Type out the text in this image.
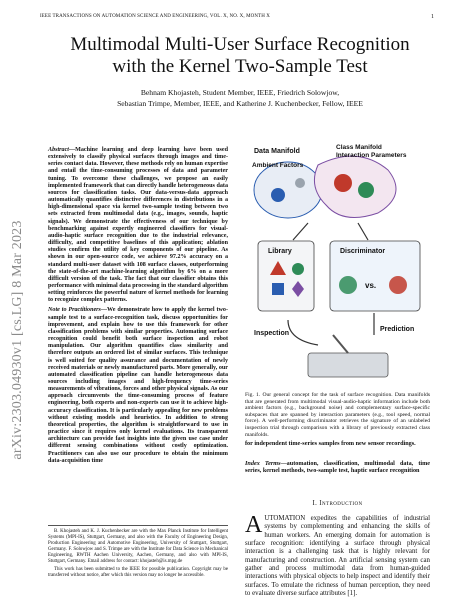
IEEE TRANSACTIONS ON AUTOMATION SCIENCE AND ENGINEERING, VOL. X, NO. X, MONTH X	1
Multimodal Multi-User Surface Recognition
with the Kernel Two-Sample Test
Behnam Khojasteh, Student Member, IEEE, Friedrich Solowjow,
Sebastian Trimpe, Member, IEEE, and Katherine J. Kuchenbecker, Fellow, IEEE
arXiv:2303.04930v1 [cs.LG] 8 Mar 2023

Abstract—Machine learning and deep learning have been used extensively to classify physical surfaces through images and time-series contact data. However, these methods rely on human expertise and entail the time-consuming processes of data and parameter tuning. To overcome these challenges, we propose an easily implemented framework that can directly handle heterogeneous data sources for classification tasks. Our data-versus-data approach automatically quantifies distinctive differences in distributions in a high-dimensional space via kernel two-sample testing between two sets extracted from multimodal data (e.g., images, sounds, haptic signals). We demonstrate the effectiveness of our technique by benchmarking against expertly engineered classifiers for visual-audio-haptic surface recognition due to the industrial relevance, difficulty, and competitive baselines of this application; ablation studies confirm the utility of key components of our pipeline. As shown in our open-source code, we achieve 97.2% accuracy on a standard multi-user dataset with 108 surface classes, outperforming the state-of-the-art machine-learning algorithm by 6% on a more difficult version of the task. The fact that our classifier obtains this performance with minimal data processing in the standard algorithm setting reinforces the powerful nature of kernel methods for learning to recognize complex patterns.

Note to Practitioners—We demonstrate how to apply the kernel two-sample test to a surface-recognition task, discuss opportunities for improvement, and explain how to use this framework for other classification problems with similar properties. Automating surface recognition could benefit both surface inspection and robot manipulation. Our algorithm quantifies class similarity and therefore outputs an ordered list of similar surfaces. This technique is well suited for quality assurance and documentation of newly received materials or newly manufactured parts. More generally, our automated classification pipeline can handle heterogeneous data sources including images and high-frequency time-series measurements of vibrations, forces and other physical signals. As our approach circumvents the time-consuming process of feature engineering, both experts and non-experts can use it to achieve high-accuracy classification. It is particularly appealing for new problems without existing models and heuristics. In addition to strong theoretical properties, the algorithm is straightforward to use in practice since it requires only kernel evaluations. Its transparent architecture can provide fast insights into the given use case under different sensing combinations without costly optimization. Practitioners can also use our procedure to obtain the minimum data-acquisition time

B. Khojasteh and K. J. Kuchenbecker are with the Max Planck Institute for Intelligent Systems (MPI-IS), Stuttgart, Germany, and also with the Faculty of Engineering Design, Production Engineering and Automotive Engineering, University of Stuttgart, Stuttgart, Germany. F. Solowjow and S. Trimpe are with the Institute for Data Science in Mechanical Engineering, RWTH Aachen University, Aachen, Germany, and also with MPI-IS, Stuttgart, Germany. Email address for contact: khojasteh@is.mpg.de

This work has been submitted to the IEEE for possible publication. Copyright may be transferred without notice, after which this version may no longer be accessible.

Data Manifold
Class Manifold
Interaction Parameters
Ambient Factors
Library	Discriminator
vs.
Inspection
Prediction
Fig. 1. Our general concept for the task of surface recognition. Data manifolds that are generated from multimodal visual-audio-haptic information include both ambient factors (e.g., background noise) and complementary surface-specific subspaces that are spanned by interaction parameters (e.g., tool speed, normal force). A well-performing discriminator retrieves the signature of an unlabeled inspection trial through comparison with a library of previously extracted class manifolds.
for independent time-series samples from new sensor recordings.
Index Terms—automation, classification, multimodal data, time series, kernel methods, two-sample test, haptic surface recognition
I. Introduction
AUTOMATION expedites the capabilities of industrial systems by complementing and enhancing the skills of human workers. An emerging domain for automation is surface recognition: identifying a surface through physical interaction is a challenging task that is highly relevant for manufacturing and construction. An artificial sensing system can gather and process multimodal data from human-guided interactions with physical objects to help inspect and identify their surfaces. To emulate the richness of human perception, they need to evaluate diverse surface attributes [1].
